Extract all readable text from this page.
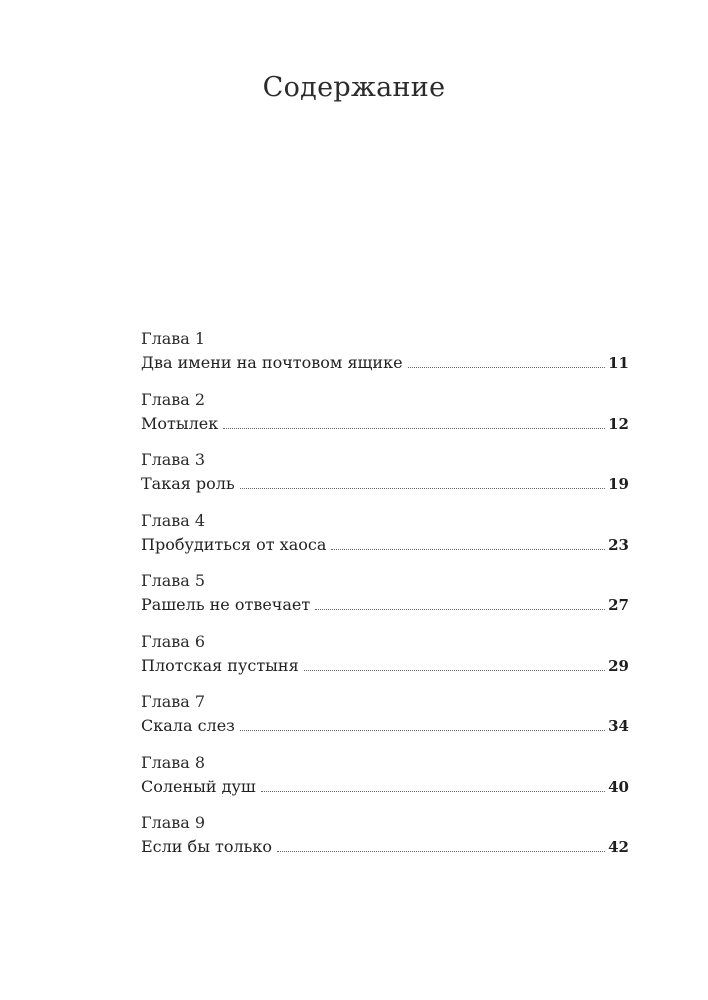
Содержание
Глава 1
Два имени на почтовом ящике	11
Глава 2
Мотылек	12
Глава 3
Такая роль	19
Глава 4
Пробудиться от хаоса	23
Глава 5
Рашель не отвечает	27
Глава 6
Плотская пустыня	29
Глава 7
Скала слез	34
Глава 8
Соленый душ	40
Глава 9
Если бы только	42
